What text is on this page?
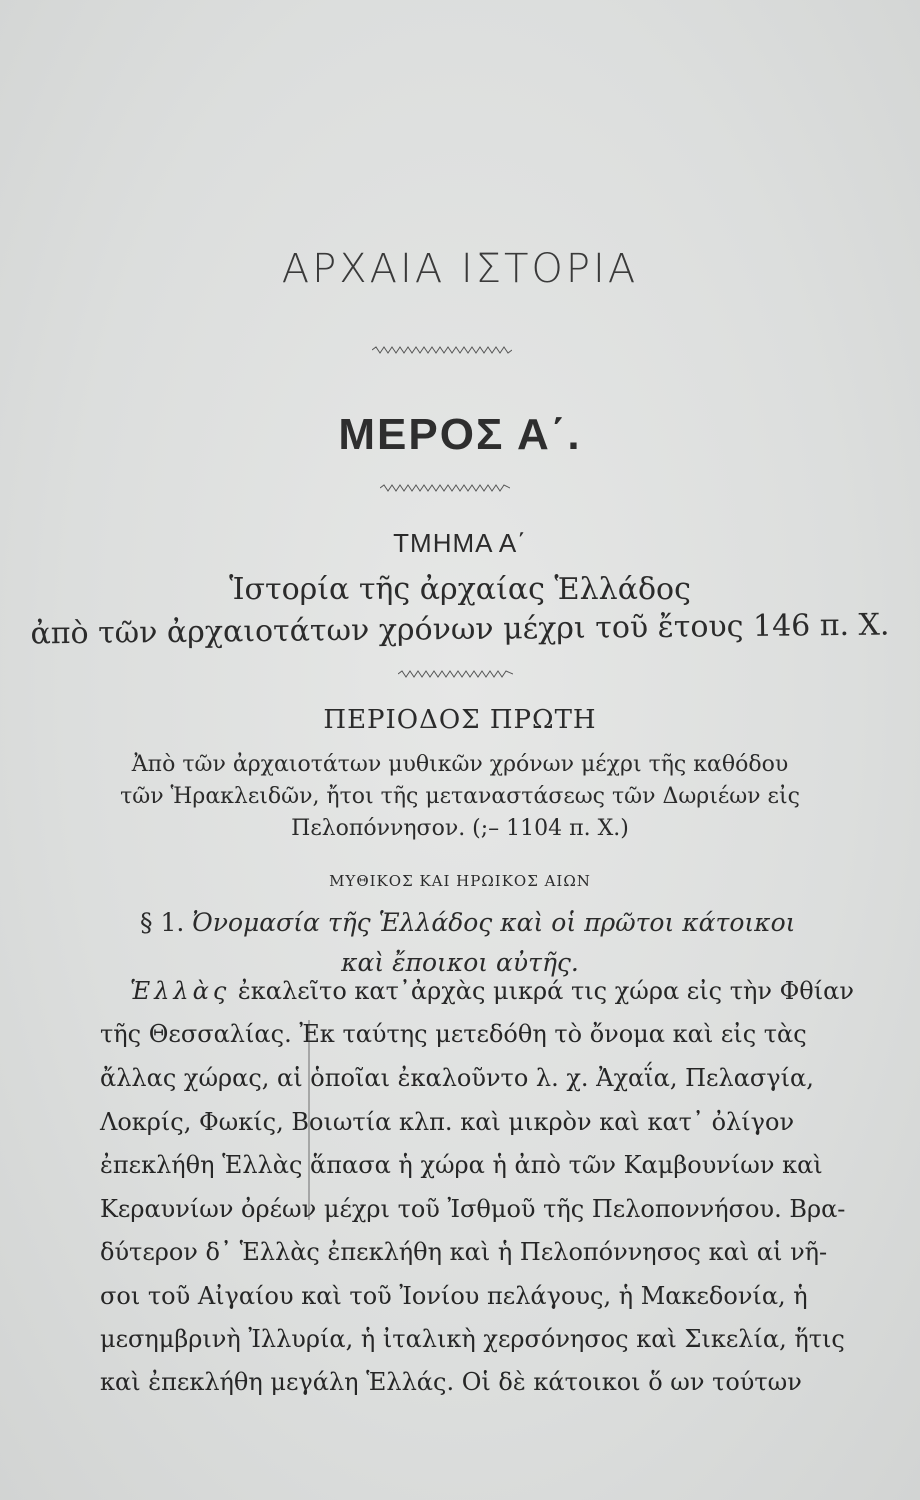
ΑΡΧΑΙΑ ΙΣΤΟΡΙΑ
ΜΕΡΟΣ Α΄.
ΤΜΗΜΑ Α΄
Ἱστορία τῆς ἀρχαίας Ἑλλάδος
ἀπὸ τῶν ἀρχαιοτάτων χρόνων μέχρι τοῦ ἔτους 146 π. Χ.
ΠΕΡΙΟΔΟΣ ΠΡΩΤΗ
Ἀπὸ τῶν ἀρχαιοτάτων μυθικῶν χρόνων μέχρι τῆς καθόδου
τῶν Ἡρακλειδῶν, ἤτοι τῆς μεταναστάσεως τῶν Δωριέων εἰς
Πελοπόννησον. (;– 1104 π. Χ.)
ΜΥΘΙΚΟΣ ΚΑΙ ΗΡΩΙΚΟΣ ΑΙΩΝ
§ 1. Ὀνομασία τῆς Ἑλλάδος καὶ οἱ πρῶτοι κάτοικοι
καὶ ἔποικοι αὐτῆς.
Ἑλλὰς ἐκαλεῖτο κατ᾽ἀρχὰς μικρά τις χώρα εἰς τὴν Φθίαν
τῆς Θεσσαλίας. Ἐκ ταύτης μετεδόθη τὸ ὄνομα καὶ εἰς τὰς
ἄλλας χώρας, αἱ ὁποῖαι ἐκαλοῦντο λ. χ. Ἀχαΐα, Πελασγία,
Λοκρίς, Φωκίς, Βοιωτία κλπ. καὶ μικρὸν καὶ κατ᾽ ὀλίγον
ἐπεκλήθη Ἑλλὰς ἅπασα ἡ χώρα ἡ ἀπὸ τῶν Καμβουνίων καὶ
Κεραυνίων ὀρέων μέχρι τοῦ Ἰσθμοῦ τῆς Πελοποννήσου. Βρα-
δύτερον δ᾽ Ἑλλὰς ἐπεκλήθη καὶ ἡ Πελοπόννησος καὶ αἱ νῆ-
σοι τοῦ Αἰγαίου καὶ τοῦ Ἰονίου πελάγους, ἡ Μακεδονία, ἡ
μεσημβρινὴ Ἰλλυρία, ἡ ἰταλικὴ χερσόνησος καὶ Σικελία, ἥτις
καὶ ἐπεκλήθη μεγάλη Ἑλλάς. Οἱ δὲ κάτοικοι ὅ ων τούτων
